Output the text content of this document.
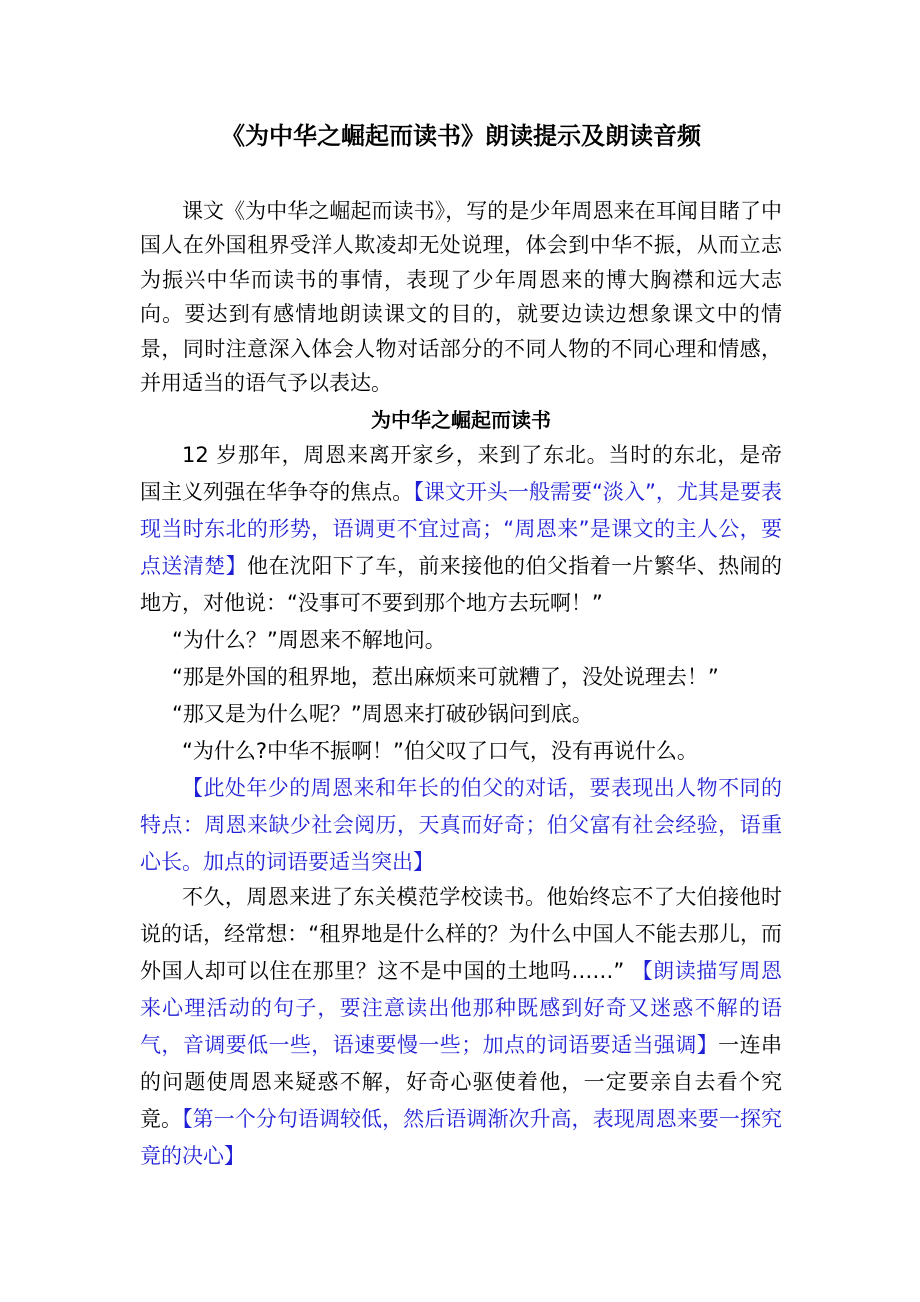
《为中华之崛起而读书》朗读提示及朗读音频

课文《为中华之崛起而读书》，写的是少年周恩来在耳闻目睹了中国人在外国租界受洋人欺凌却无处说理，体会到中华不振，从而立志为振兴中华而读书的事情，表现了少年周恩来的博大胸襟和远大志向。要达到有感情地朗读课文的目的，就要边读边想象课文中的情景，同时注意深入体会人物对话部分的不同人物的不同心理和情感，并用适当的语气予以表达。

为中华之崛起而读书

12 岁那年，周恩来离开家乡，来到了东北。当时的东北，是帝国主义列强在华争夺的焦点。【课文开头一般需要“淡入”，尤其是要表现当时东北的形势，语调更不宜过高；“周恩来”是课文的主人公，要点送清楚】他在沈阳下了车，前来接他的伯父指着一片繁华、热闹的地方，对他说：“没事可不要到那个地方去玩啊！”

“为什么？”周恩来不解地问。

“那是外国的租界地，惹出麻烦来可就糟了，没处说理去！”

“那又是为什么呢？”周恩来打破砂锅问到底。

“为什么?中华不振啊！”伯父叹了口气，没有再说什么。

【此处年少的周恩来和年长的伯父的对话，要表现出人物不同的特点：周恩来缺少社会阅历，天真而好奇；伯父富有社会经验，语重心长。加点的词语要适当突出】

不久，周恩来进了东关模范学校读书。他始终忘不了大伯接他时说的话，经常想：“租界地是什么样的？为什么中国人不能去那儿，而外国人却可以住在那里？这不是中国的土地吗……” 【朗读描写周恩来心理活动的句子，要注意读出他那种既感到好奇又迷惑不解的语气，音调要低一些，语速要慢一些；加点的词语要适当强调】一连串的问题使周恩来疑惑不解，好奇心驱使着他，一定要亲自去看个究竟。【第一个分句语调较低，然后语调渐次升高，表现周恩来要一探究竟的决心】
